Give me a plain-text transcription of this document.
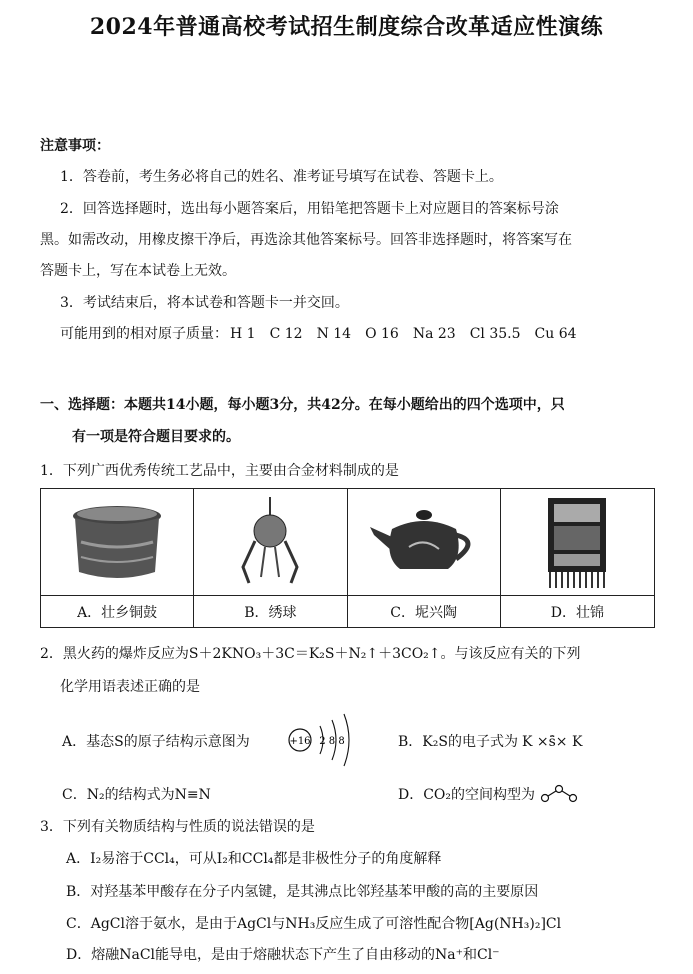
2024年普通高校考试招生制度综合改革适应性演练
注意事项：
1．答卷前，考生务必将自己的姓名、准考证号填写在试卷、答题卡上。
2．回答选择题时，选出每小题答案后，用铅笔把答题卡上对应题目的答案标号涂
黑。如需改动，用橡皮擦干净后，再选涂其他答案标号。回答非选择题时，将答案写在
答题卡上，写在本试卷上无效。
3．考试结束后，将本试卷和答题卡一并交回。
可能用到的相对原子质量： H 1 C 12 N 14 O 16 Na 23 Cl 35.5 Cu 64
一、选择题：本题共14小题，每小题3分，共42分。在每小题给出的四个选项中，只
有一项是符合题目要求的。
1．下列广西优秀传统工艺品中，主要由合金材料制成的是
A．壮乡铜鼓	B．绣球	C．坭兴陶	D．壮锦
2．黑火药的爆炸反应为S＋2KNO₃＋3C＝K₂S＋N₂↑＋3CO₂↑。与该反应有关的下列
化学用语表述正确的是
A．基态S的原子结构示意图为	+16 2 8 8	B．K₂S的电子式为 K ×ṡ̈× K
C．N₂的结构式为N≡N	D．CO₂的空间构型为
3．下列有关物质结构与性质的说法错误的是
A．I₂易溶于CCl₄，可从I₂和CCl₄都是非极性分子的角度解释
B．对羟基苯甲酸存在分子内氢键，是其沸点比邻羟基苯甲酸的高的主要原因
C．AgCl溶于氨水，是由于AgCl与NH₃反应生成了可溶性配合物[Ag(NH₃)₂]Cl
D．熔融NaCl能导电，是由于熔融状态下产生了自由移动的Na⁺和Cl⁻
